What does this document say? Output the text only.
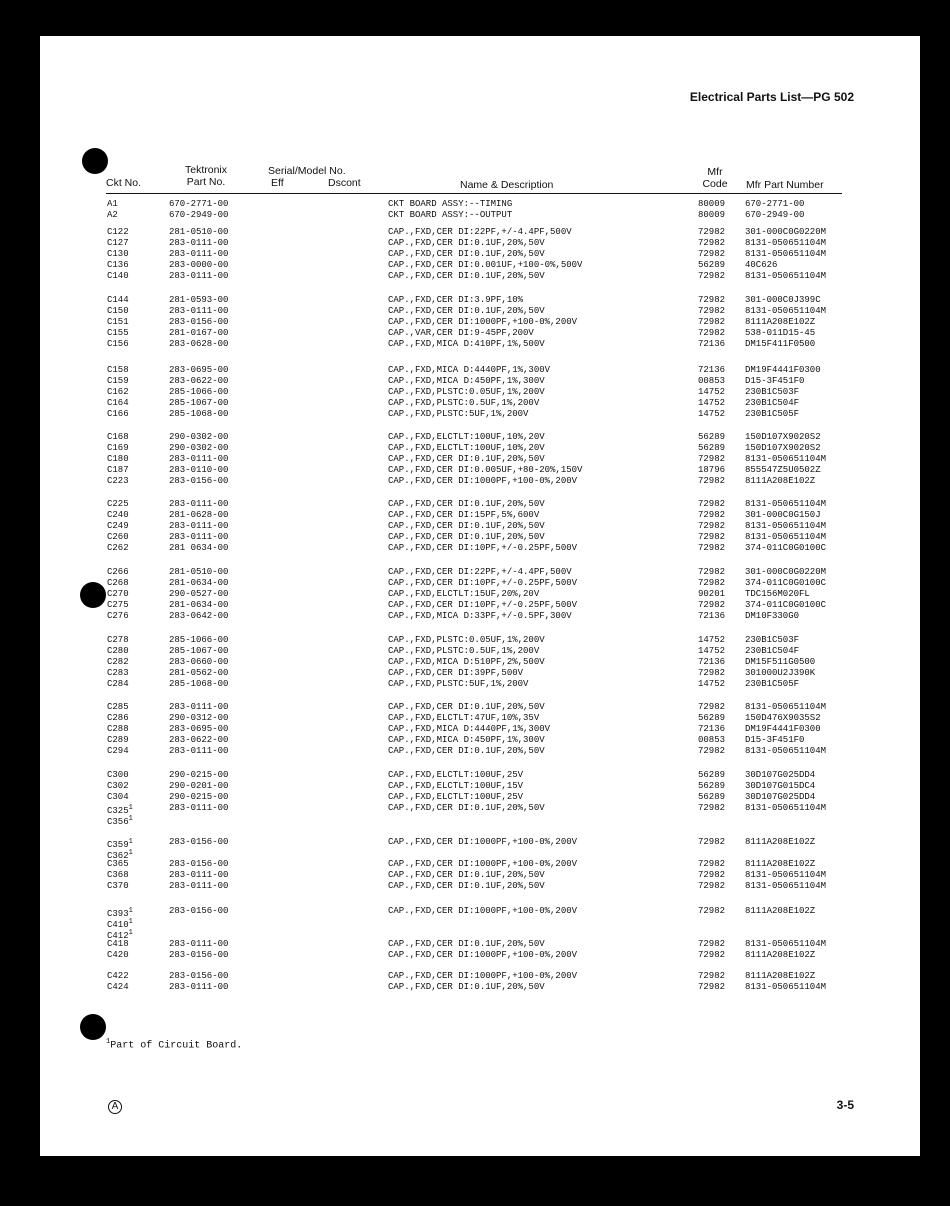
Electrical Parts List—PG 502
Ckt No.
Tektronix
Part No.
Serial/Model No.
Eff	Dscont	Name & Description
Mfr
Code Mfr Part Number
A1	670-2771-00	CKT BOARD ASSY:--TIMING	80009 670-2771-00
A2	670-2949-00	CKT BOARD ASSY:--OUTPUT	80009 670-2949-00
C122	281-0510-00	CAP.,FXD,CER DI:22PF,+/-4.4PF,500V	72982 301-000C0G0220M
C127	283-0111-00	CAP.,FXD,CER DI:0.1UF,20%,50V	72982 8131-050651104M
C130	283-0111-00	CAP.,FXD,CER DI:0.1UF,20%,50V	72982 8131-050651104M
C136	283-0000-00	CAP.,FXD,CER DI:0.001UF,+100-0%,500V	56289 40C626
C140	283-0111-00	CAP.,FXD,CER DI:0.1UF,20%,50V	72982 8131-050651104M
C144	281-0593-00	CAP.,FXD,CER DI:3.9PF,10%	72982 301-000C0J399C
C150	283-0111-00	CAP.,FXD,CER DI:0.1UF,20%,50V	72982 8131-050651104M
C151	283-0156-00	CAP.,FXD,CER DI:1000PF,+100-0%,200V	72982 8111A208E102Z
C155	281-0167-00	CAP.,VAR,CER DI:9-45PF,200V	72982 538-011D15-45
C156	283-0628-00	CAP.,FXD,MICA D:410PF,1%,500V	72136 DM15F411F0500
C158	283-0695-00	CAP.,FXD,MICA D:4440PF,1%,300V	72136 DM19F4441F0300
C159	283-0622-00	CAP.,FXD,MICA D:450PF,1%,300V	00853 D15-3F451F0
C162	285-1066-00	CAP.,FXD,PLSTC:0.05UF,1%,200V	14752 230B1C503F
C164	285-1067-00	CAP.,FXD,PLSTC:0.5UF,1%,200V	14752 230B1C504F
C166	285-1068-00	CAP.,FXD,PLSTC:5UF,1%,200V	14752 230B1C505F
C168	290-0302-00	CAP.,FXD,ELCTLT:100UF,10%,20V	56289 150D107X9020S2
C169	290-0302-00	CAP.,FXD,ELCTLT:100UF,10%,20V	56289 150D107X9020S2
C180	283-0111-00	CAP.,FXD,CER DI:0.1UF,20%,50V	72982 8131-050651104M
C187	283-0110-00	CAP.,FXD,CER DI:0.005UF,+80-20%,150V	18796 855547Z5U0502Z
C223	283-0156-00	CAP.,FXD,CER DI:1000PF,+100-0%,200V	72982 8111A208E102Z
C225	283-0111-00	CAP.,FXD,CER DI:0.1UF,20%,50V	72982 8131-050651104M
C240	281-0628-00	CAP.,FXD,CER DI:15PF,5%,600V	72982 301-000C0G150J
C249	283-0111-00	CAP.,FXD,CER DI:0.1UF,20%,50V	72982 8131-050651104M
C260	283-0111-00	CAP.,FXD,CER DI:0.1UF,20%,50V	72982 8131-050651104M
C262	281 0634-00	CAP.,FXD,CER DI:10PF,+/-0.25PF,500V	72982 374-011C0G0100C
C266	281-0510-00	CAP.,FXD,CER DI:22PF,+/-4.4PF,500V	72982 301-000C0G0220M
C268	281-0634-00	CAP.,FXD,CER DI:10PF,+/-0.25PF,500V	72982 374-011C0G0100C
C270	290-0527-00	CAP.,FXD,ELCTLT:15UF,20%,20V	90201 TDC156M020FL
C275	281-0634-00	CAP.,FXD,CER DI:10PF,+/-0.25PF,500V	72982 374-011C0G0100C
C276	283-0642-00	CAP.,FXD,MICA D:33PF,+/-0.5PF,300V	72136 DM10F330G0
C278	285-1066-00	CAP.,FXD,PLSTC:0.05UF,1%,200V	14752 230B1C503F
C280	285-1067-00	CAP.,FXD,PLSTC:0.5UF,1%,200V	14752 230B1C504F
C282	283-0660-00	CAP.,FXD,MICA D:510PF,2%,500V	72136 DM15F511G0500
C283	281-0562-00	CAP.,FXD,CER DI:39PF,500V	72982 301000U2J390K
C284	285-1068-00	CAP.,FXD,PLSTC:5UF,1%,200V	14752 230B1C505F
C285	283-0111-00	CAP.,FXD,CER DI:0.1UF,20%,50V	72982 8131-050651104M
C286	290-0312-00	CAP.,FXD,ELCTLT:47UF,10%,35V	56289 150D476X9035S2
C288	283-0695-00	CAP.,FXD,MICA D:4440PF,1%,300V	72136 DM19F4441F0300
C289	283-0622-00	CAP.,FXD,MICA D:450PF,1%,300V	00853 D15-3F451F0
C294	283-0111-00	CAP.,FXD,CER DI:0.1UF,20%,50V	72982 8131-050651104M
C300	290-0215-00	CAP.,FXD,ELCTLT:100UF,25V	56289 30D107G025DD4
C302	290-0201-00	CAP.,FXD,ELCTLT:100UF,15V	56289 30D107G015DC4
C304	290-0215-00	CAP.,FXD,ELCTLT:100UF,25V	56289 30D107G025DD4
$C325^1$	283-0111-00	CAP.,FXD,CER DI:0.1UF,20%,50V	72982 8131-050651104M
$C356^1$
$C359^1$	283-0156-00	CAP.,FXD,CER DI:1000PF,+100-0%,200V	72982 8111A208E102Z
$C362^1$
C365	283-0156-00	CAP.,FXD,CER DI:1000PF,+100-0%,200V	72982 8111A208E102Z
C368	283-0111-00	CAP.,FXD,CER DI:0.1UF,20%,50V	72982 8131-050651104M
C370	283-0111-00	CAP.,FXD,CER DI:0.1UF,20%,50V	72982 8131-050651104M
$C393^1$	283-0156-00	CAP.,FXD,CER DI:1000PF,+100-0%,200V	72982 8111A208E102Z
$C410^1$
$C412^1$
C418	283-0111-00	CAP.,FXD,CER DI:0.1UF,20%,50V	72982 8131-050651104M
C420	283-0156-00	CAP.,FXD,CER DI:1000PF,+100-0%,200V	72982 8111A208E102Z
C422	283-0156-00	CAP.,FXD,CER DI:1000PF,+100-0%,200V	72982 8111A208E102Z
C424	283-0111-00	CAP.,FXD,CER DI:0.1UF,20%,50V	72982 8131-050651104M
$^1$Part of Circuit Board.
A	3-5
